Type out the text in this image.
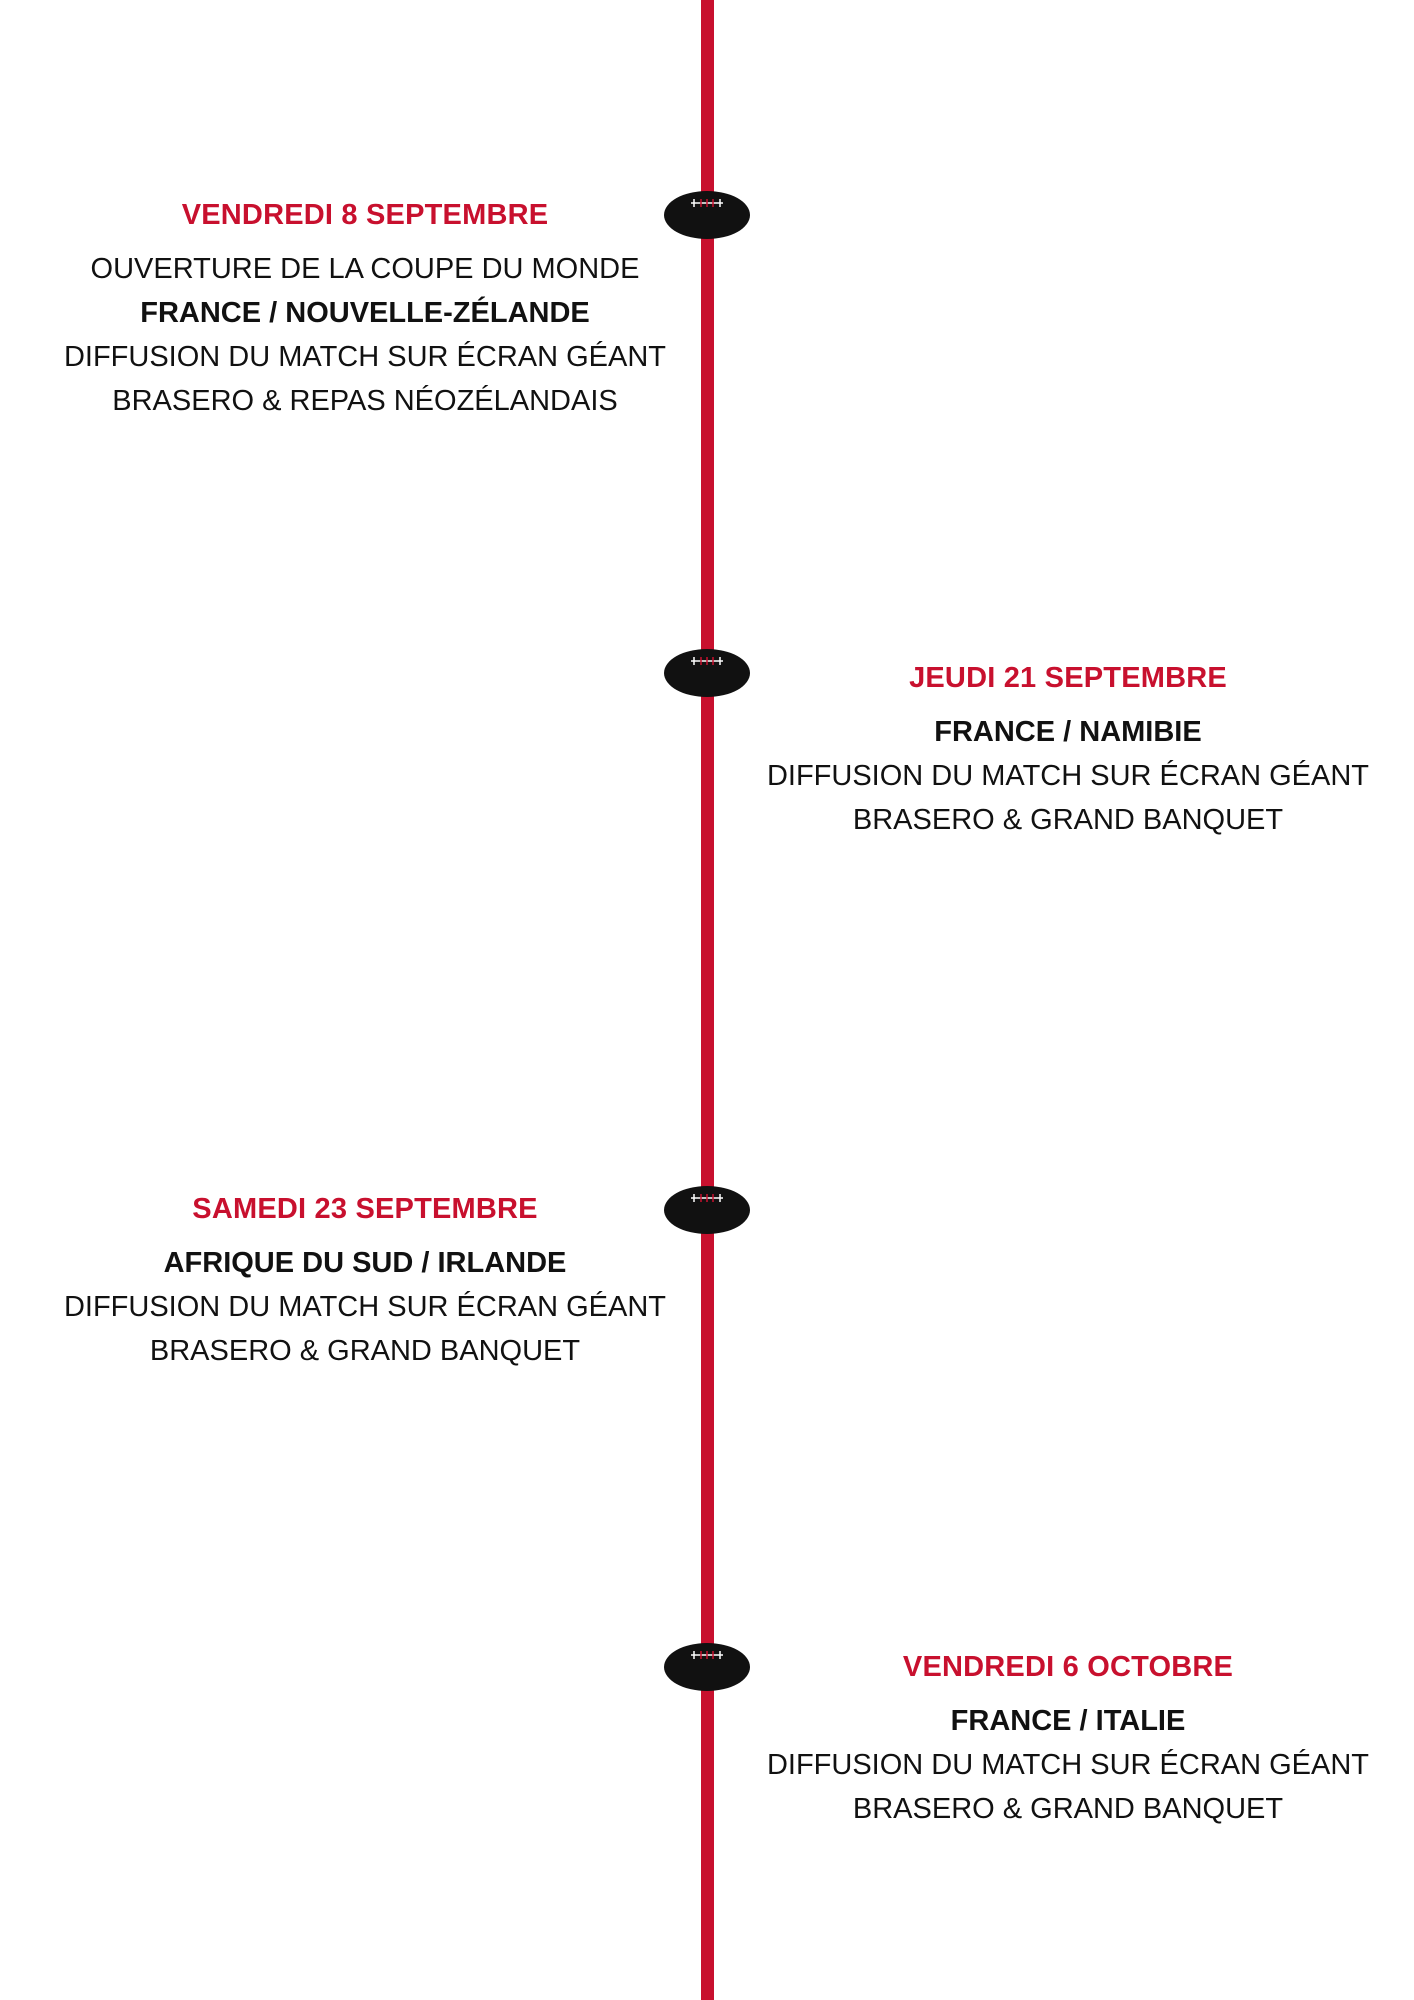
VENDREDI 8 SEPTEMBRE
OUVERTURE DE LA COUPE DU MONDE
FRANCE / NOUVELLE-ZÉLANDE
DIFFUSION DU MATCH SUR ÉCRAN GÉANT
BRASERO & REPAS NÉOZÉLANDAIS
JEUDI 21 SEPTEMBRE
FRANCE / NAMIBIE
DIFFUSION DU MATCH SUR ÉCRAN GÉANT
BRASERO & GRAND BANQUET
SAMEDI 23 SEPTEMBRE
AFRIQUE DU SUD / IRLANDE
DIFFUSION DU MATCH SUR ÉCRAN GÉANT
BRASERO & GRAND BANQUET
VENDREDI 6 OCTOBRE
FRANCE / ITALIE
DIFFUSION DU MATCH SUR ÉCRAN GÉANT
BRASERO & GRAND BANQUET
